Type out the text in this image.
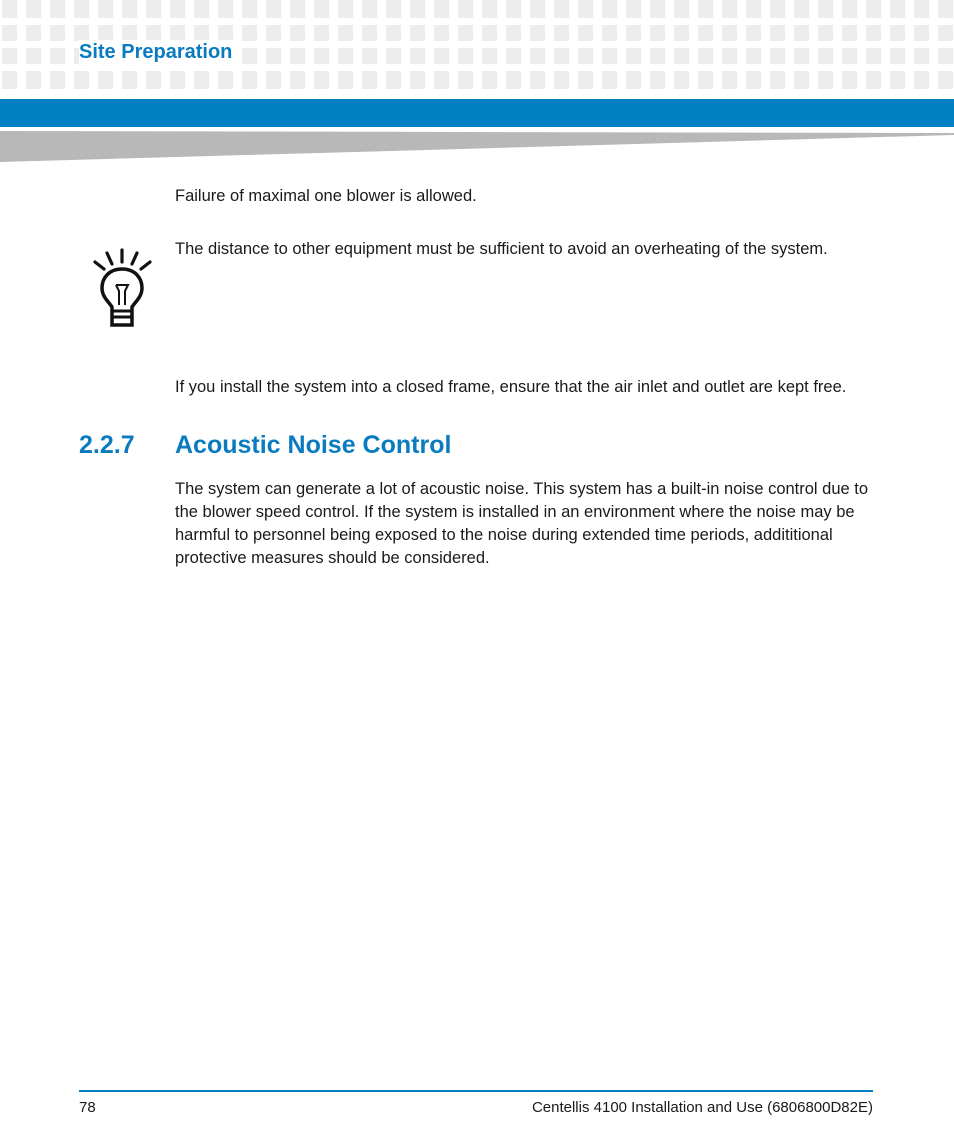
Site Preparation
Failure of maximal one blower is allowed.
The distance to other equipment must be sufficient to avoid an overheating of the system.
If you install the system into a closed frame, ensure that the air inlet and outlet are kept free.
2.2.7 Acoustic Noise Control
The system can generate a lot of acoustic noise. This system has a built-in noise control due to the blower speed control. If the system is installed in an environment where the noise may be harmful to personnel being exposed to the noise during extended time periods, addititional protective measures should be considered.
78	Centellis 4100 Installation and Use (6806800D82E)
